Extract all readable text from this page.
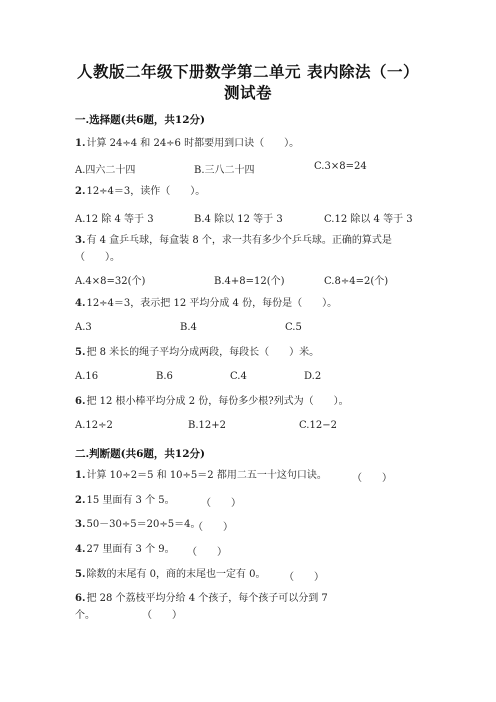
人教版二年级下册数学第二单元 表内除法（一）
测试卷
一.选择题(共6题，共12分)
1.计算 24÷4 和 24÷6 时都要用到口诀（　　）。
A.四六二十四	B.三八二十四	C.3×8=24
2.12÷4＝3，读作（　　）。
A.12 除 4 等于 3	B.4 除以 12 等于 3	C.12 除以 4 等于 3
3.有 4 盒乒乓球，每盒装 8 个，求一共有多少个乒乓球。正确的算式是
（　　）。
A.4×8=32(个)	B.4+8=12(个)	C.8÷4=2(个)
4.12÷4＝3，表示把 12 平均分成 4 份，每份是（　　）。
A.3	B.4	C.5
5.把 8 米长的绳子平均分成两段，每段长（　　）米。
A.16	B.6	C.4	D.2
6.把 12 根小棒平均分成 2 份，每份多少根?列式为（　　）。
A.12÷2	B.12+2	C.12−2
二.判断题(共6题，共12分)
1.计算 10÷2＝5 和 10÷5＝2 都用二五一十这句口诀。	（　　）
2.15 里面有 3 个 5。	（　　）
3.50－30÷5＝20÷5＝4。
（　　）
4.27 里面有 3 个 9。 （　　）
5.除数的末尾有 0，商的末尾也一定有 0。 （　　）
6.把 28 个荔枝平均分给 4 个孩子，每个孩子可以分到 7
个。	（　　）
